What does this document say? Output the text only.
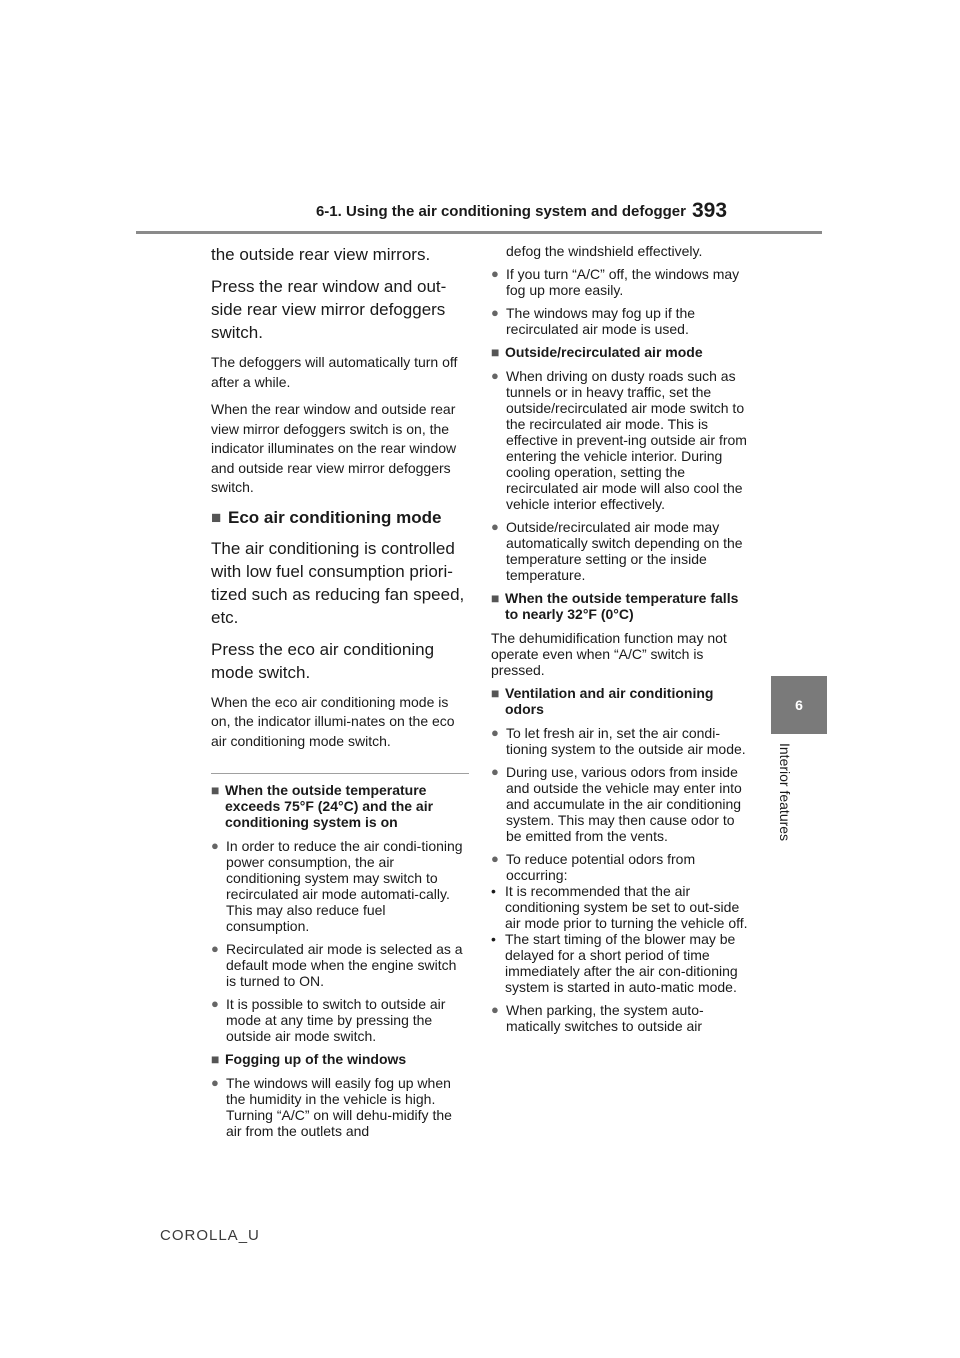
6-1. Using the air conditioning system and defogger 393
6
Interior features

the outside rear view mirrors.

Press the rear window and out-side rear view mirror defoggers switch.

The defoggers will automatically turn off after a while.

When the rear window and outside rear view mirror defoggers switch is on, the indicator illuminates on the rear window and outside rear view mirror defoggers switch.

■ Eco air conditioning mode

The air conditioning is controlled with low fuel consumption priori-tized such as reducing fan speed, etc.

Press the eco air conditioning mode switch.

When the eco air conditioning mode is on, the indicator illumi-nates on the eco air conditioning mode switch.

■ When the outside temperature exceeds 75°F (24°C) and the air conditioning system is on
● In order to reduce the air condi-tioning power consumption, the air conditioning system may switch to recirculated air mode automati-cally. This may also reduce fuel consumption.
● Recirculated air mode is selected as a default mode when the engine switch is turned to ON.
● It is possible to switch to outside air mode at any time by pressing the outside air mode switch.
■ Fogging up of the windows
● The windows will easily fog up when the humidity in the vehicle is high. Turning “A/C” on will dehu-midify the air from the outlets and

defog the windshield effectively.

● If you turn “A/C” off, the windows may fog up more easily.
● The windows may fog up if the recirculated air mode is used.
■ Outside/recirculated air mode
● When driving on dusty roads such as tunnels or in heavy traffic, set the outside/recirculated air mode switch to the recirculated air mode. This is effective in prevent-ing outside air from entering the vehicle interior. During cooling operation, setting the recirculated air mode will also cool the vehicle interior effectively.
● Outside/recirculated air mode may automatically switch depending on the temperature setting or the inside temperature.
■ When the outside temperature falls to nearly 32°F (0°C)

The dehumidification function may not operate even when “A/C” switch is pressed.

■ Ventilation and air conditioning odors
● To let fresh air in, set the air condi-tioning system to the outside air mode.
● During use, various odors from inside and outside the vehicle may enter into and accumulate in the air conditioning system. This may then cause odor to be emitted from the vents.
● To reduce potential odors from occurring:
• It is recommended that the air conditioning system be set to out-side air mode prior to turning the vehicle off.
• The start timing of the blower may be delayed for a short period of time immediately after the air con-ditioning system is started in auto-matic mode.
● When parking, the system auto-matically switches to outside air
COROLLA_U
